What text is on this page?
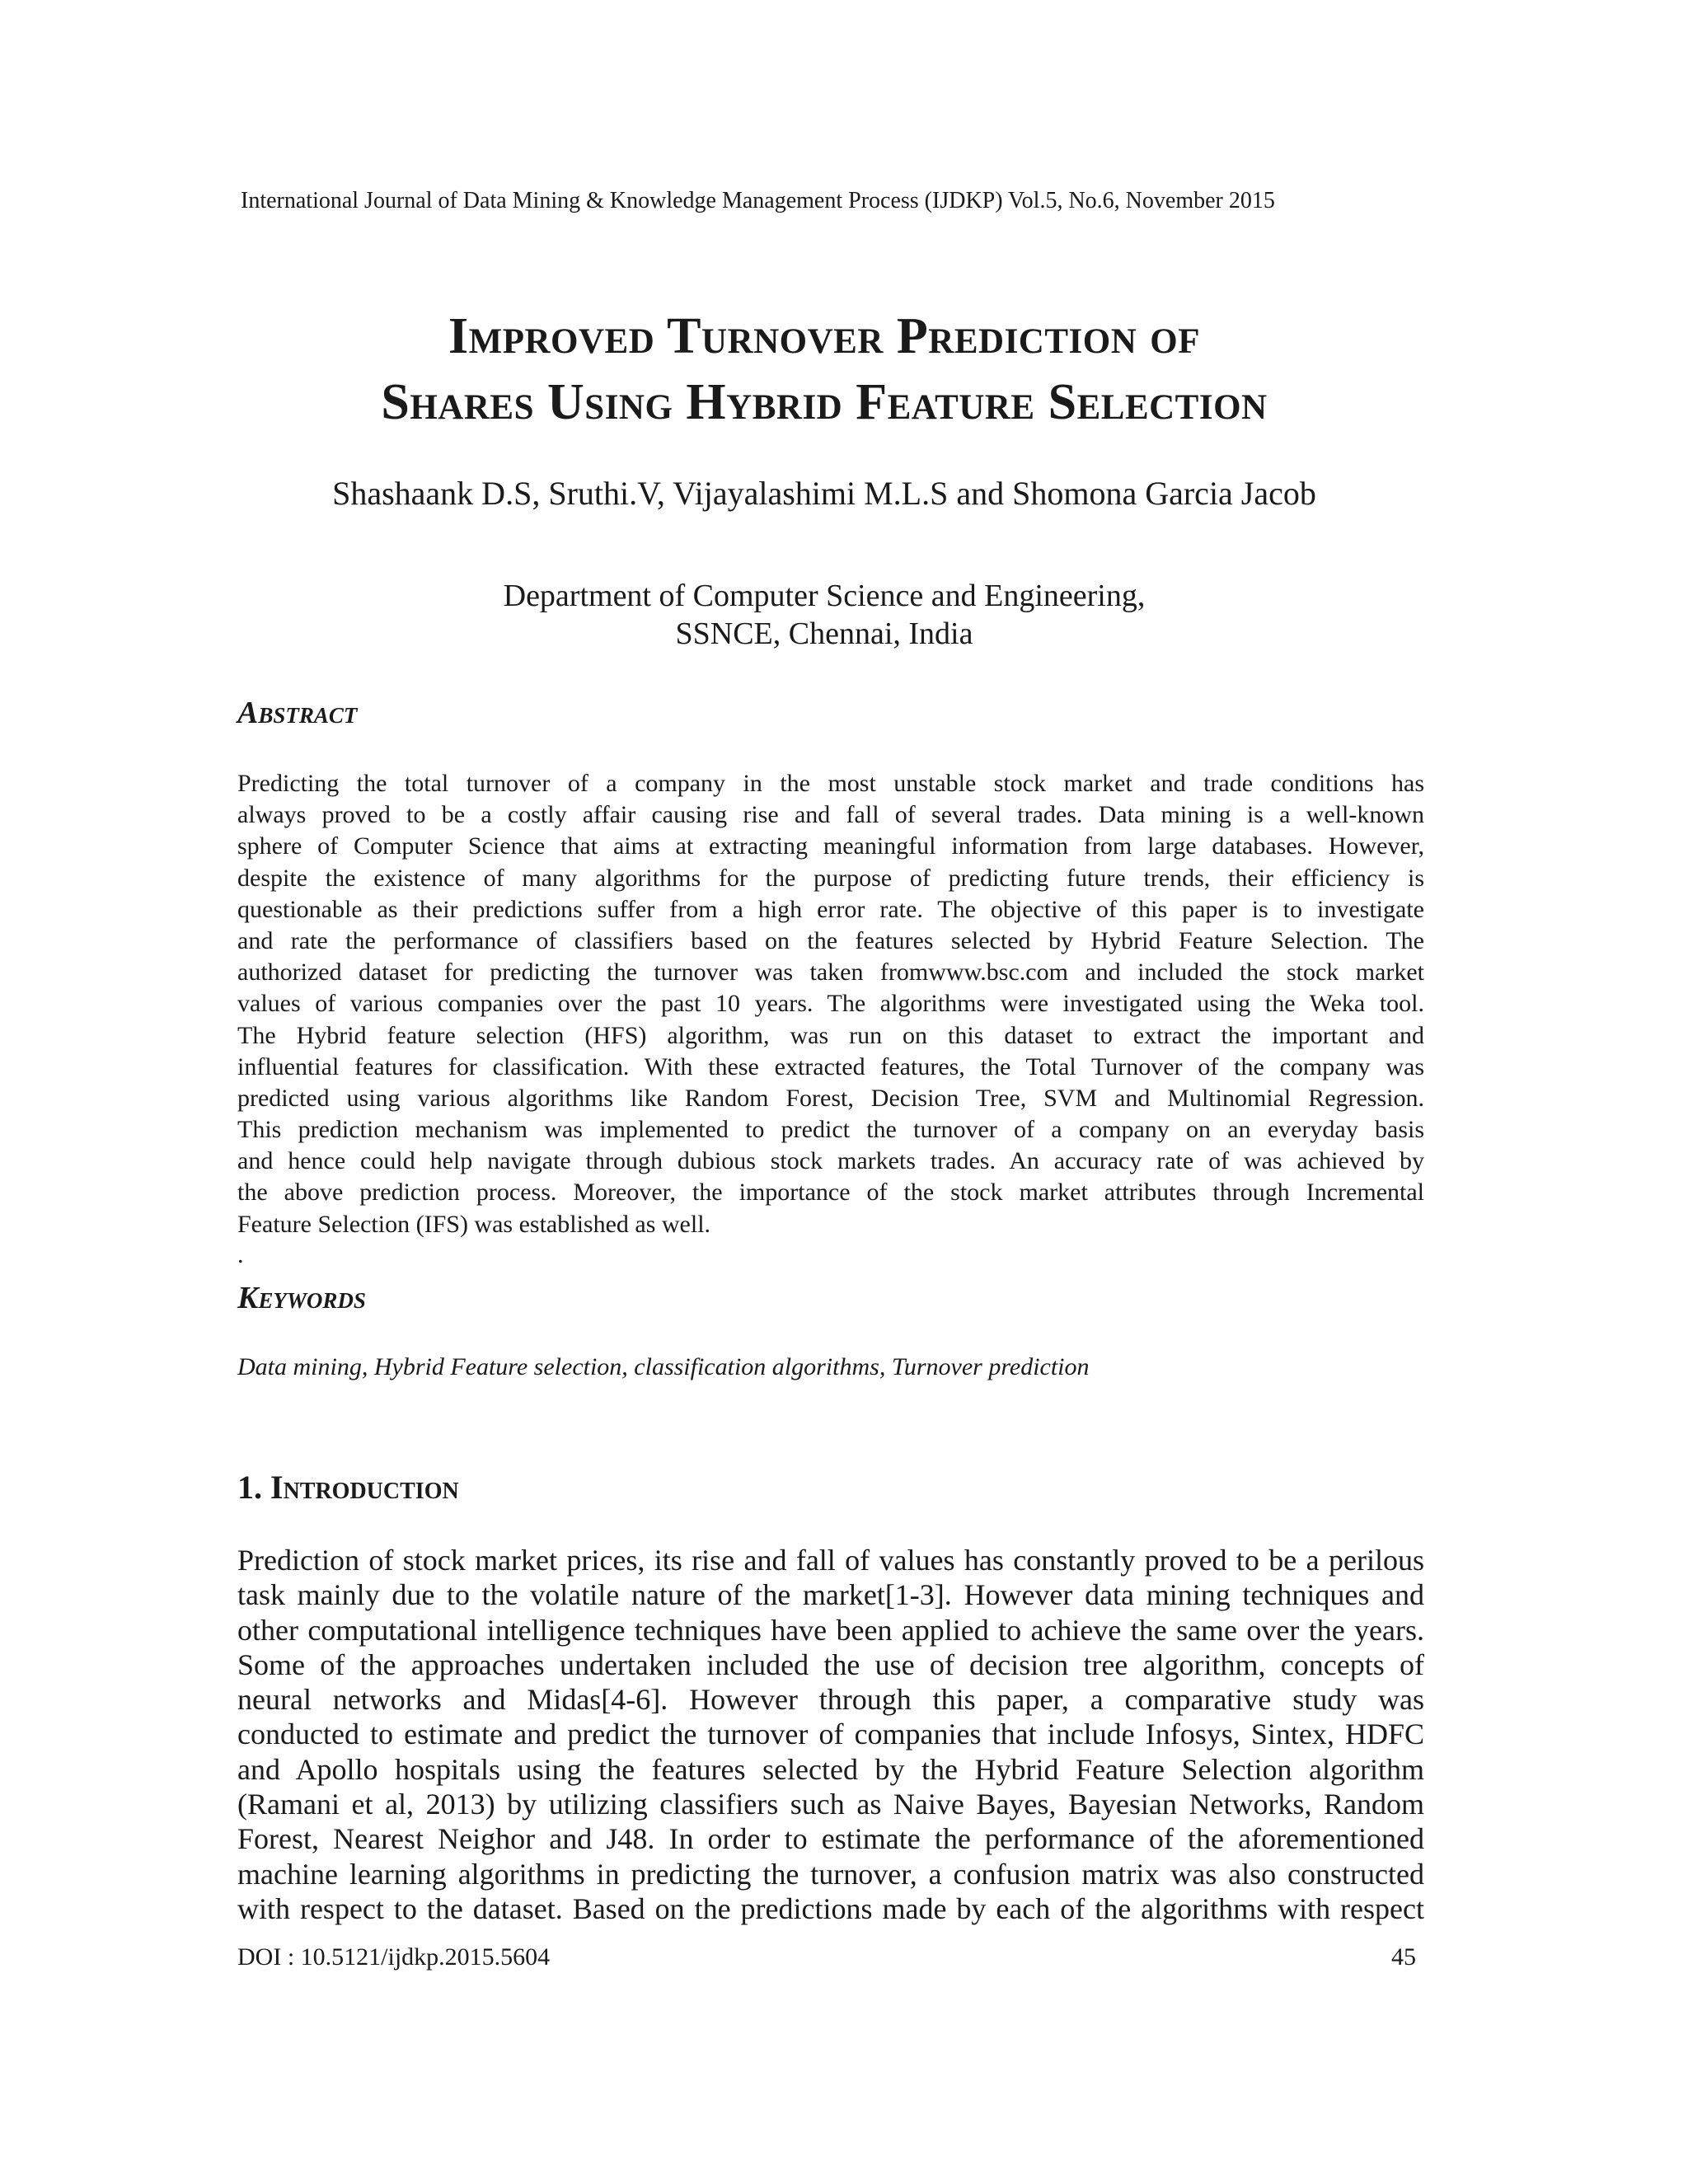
International Journal of Data Mining & Knowledge Management Process (IJDKP) Vol.5, No.6, November 2015
Improved Turnover Prediction of
Shares Using Hybrid Feature Selection
Shashaank D.S, Sruthi.V, Vijayalashimi M.L.S and Shomona Garcia Jacob
Department of Computer Science and Engineering,
SSNCE, Chennai, India
Abstract
Predicting the total turnover of a company in the most unstable stock market and trade conditions has
always proved to be a costly affair causing rise and fall of several trades. Data mining is a well-known
sphere of Computer Science that aims at extracting meaningful information from large databases. However,
despite the existence of many algorithms for the purpose of predicting future trends, their efficiency is
questionable as their predictions suffer from a high error rate. The objective of this paper is to investigate
and rate the performance of classifiers based on the features selected by Hybrid Feature Selection. The
authorized dataset for predicting the turnover was taken fromwww.bsc.com and included the stock market
values of various companies over the past 10 years. The algorithms were investigated using the Weka tool.
The Hybrid feature selection (HFS) algorithm, was run on this dataset to extract the important and
influential features for classification. With these extracted features, the Total Turnover of the company was
predicted using various algorithms like Random Forest, Decision Tree, SVM and Multinomial Regression.
This prediction mechanism was implemented to predict the turnover of a company on an everyday basis
and hence could help navigate through dubious stock markets trades. An accuracy rate of was achieved by
the above prediction process. Moreover, the importance of the stock market attributes through Incremental
Feature Selection (IFS) was established as well.
.
Keywords
Data mining, Hybrid Feature selection, classification algorithms, Turnover prediction
1. Introduction
Prediction of stock market prices, its rise and fall of values has constantly proved to be a perilous
task mainly due to the volatile nature of the market[1-3]. However data mining techniques and
other computational intelligence techniques have been applied to achieve the same over the years.
Some of the approaches undertaken included the use of decision tree algorithm, concepts of
neural networks and Midas[4-6]. However through this paper, a comparative study was
conducted to estimate and predict the turnover of companies that include Infosys, Sintex, HDFC
and Apollo hospitals using the features selected by the Hybrid Feature Selection algorithm
(Ramani et al, 2013) by utilizing classifiers such as Naive Bayes, Bayesian Networks, Random
Forest, Nearest Neighor and J48. In order to estimate the performance of the aforementioned
machine learning algorithms in predicting the turnover, a confusion matrix was also constructed
with respect to the dataset. Based on the predictions made by each of the algorithms with respect
DOI : 10.5121/ijdkp.2015.5604	45
